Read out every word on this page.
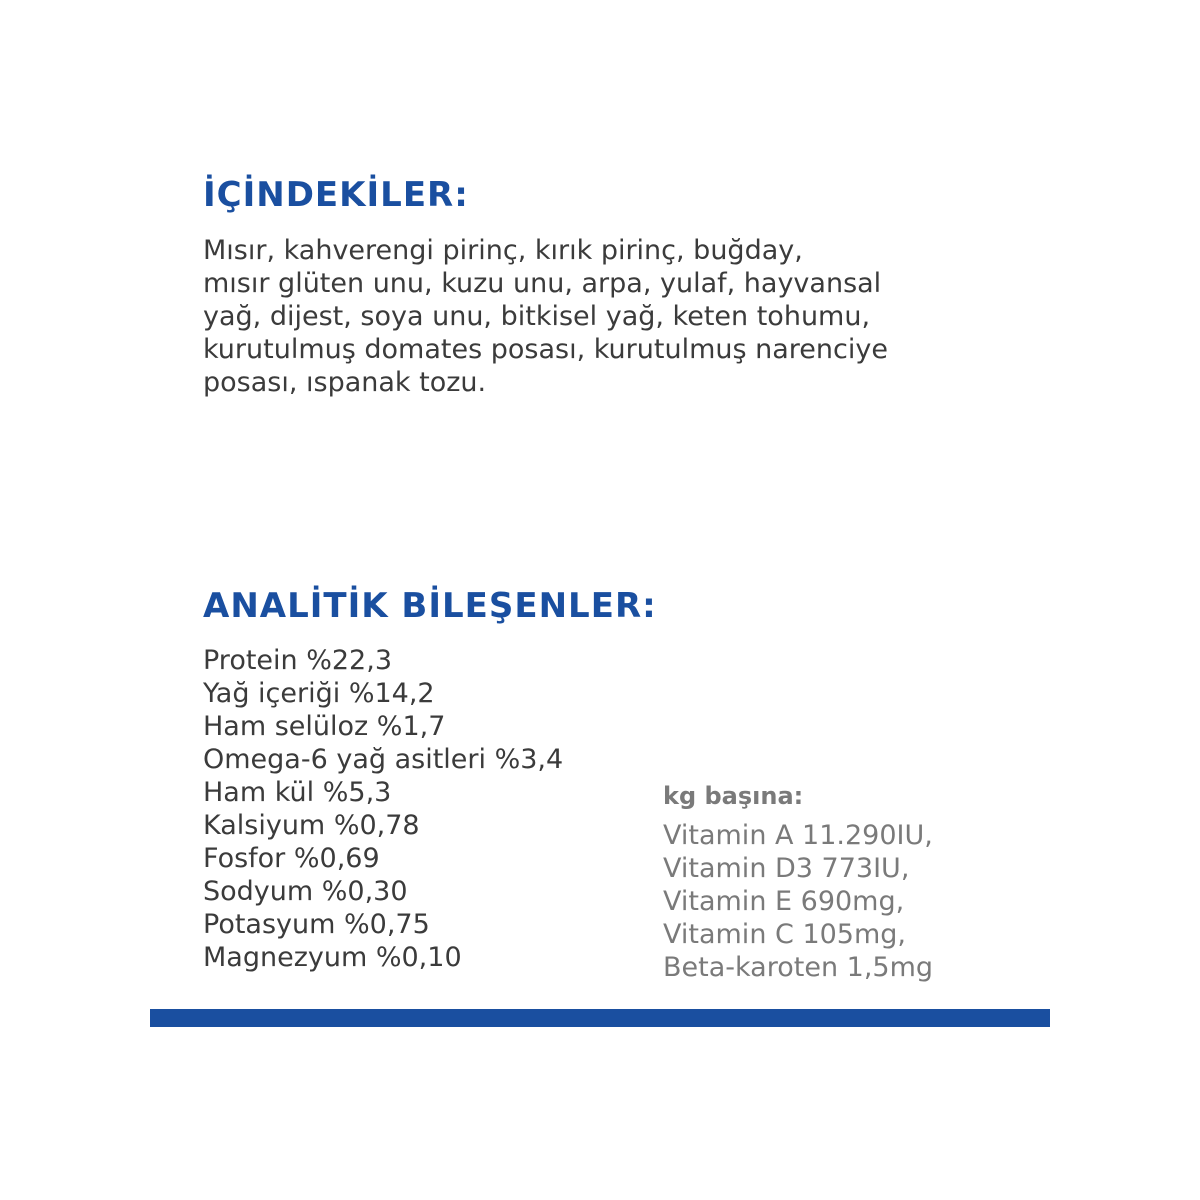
İÇİNDEKİLER:
Mısır, kahverengi pirinç, kırık pirinç, buğday,
mısır glüten unu, kuzu unu, arpa, yulaf, hayvansal
yağ, dijest, soya unu, bitkisel yağ, keten tohumu,
kurutulmuş domates posası, kurutulmuş narenciye
posası, ıspanak tozu.
ANALİTİK BİLEŞENLER:
Protein %22,3
Yağ içeriği %14,2
Ham selüloz %1,7
Omega-6 yağ asitleri %3,4
Ham kül %5,3
Kalsiyum %0,78
Fosfor %0,69
Sodyum %0,30
Potasyum %0,75
Magnezyum %0,10
kg başına:
Vitamin A 11.290IU,
Vitamin D3 773IU,
Vitamin E 690mg,
Vitamin C 105mg,
Beta-karoten 1,5mg
